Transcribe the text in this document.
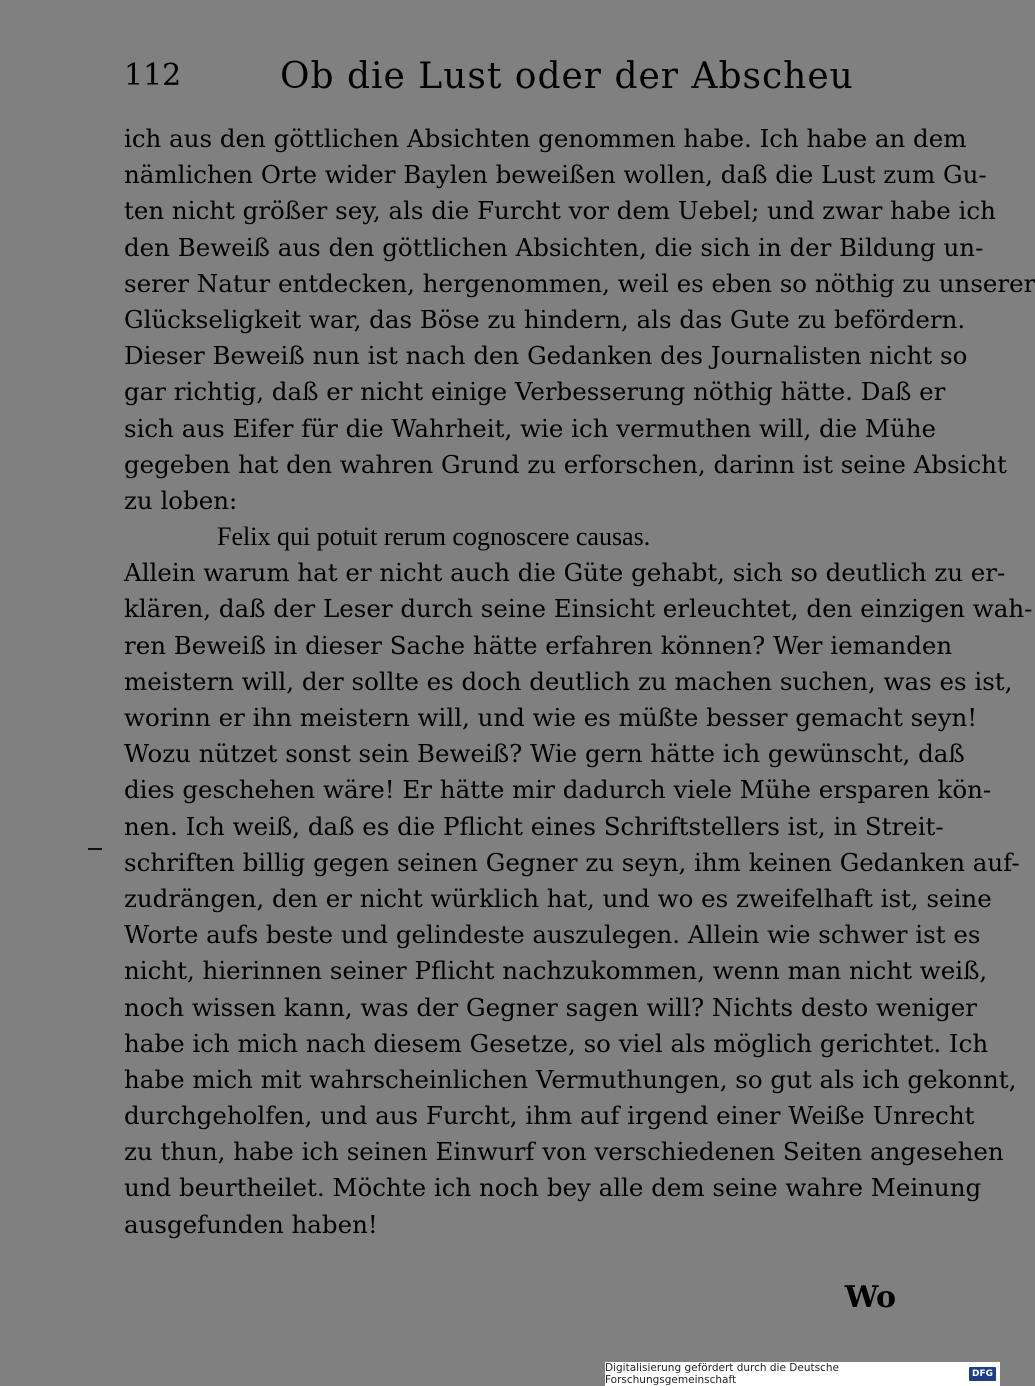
112	Ob die Lust oder der Abscheu
ich aus den göttlichen Absichten genommen habe. Ich habe an dem
nämlichen Orte wider Baylen beweißen wollen, daß die Lust zum Gu-
ten nicht größer sey, als die Furcht vor dem Uebel; und zwar habe ich
den Beweiß aus den göttlichen Absichten, die sich in der Bildung un-
serer Natur entdecken, hergenommen, weil es eben so nöthig zu unserer
Glückseligkeit war, das Böse zu hindern, als das Gute zu befördern.
Dieser Beweiß nun ist nach den Gedanken des Journalisten nicht so
gar richtig, daß er nicht einige Verbesserung nöthig hätte. Daß er
sich aus Eifer für die Wahrheit, wie ich vermuthen will, die Mühe
gegeben hat den wahren Grund zu erforschen, darinn ist seine Absicht
zu loben:
Felix qui potuit rerum cognoscere causas.
Allein warum hat er nicht auch die Güte gehabt, sich so deutlich zu er-
klären, daß der Leser durch seine Einsicht erleuchtet, den einzigen wah-
ren Beweiß in dieser Sache hätte erfahren können? Wer iemanden
meistern will, der sollte es doch deutlich zu machen suchen, was es ist,
worinn er ihn meistern will, und wie es müßte besser gemacht seyn!
Wozu nützet sonst sein Beweiß? Wie gern hätte ich gewünscht, daß
dies geschehen wäre! Er hätte mir dadurch viele Mühe ersparen kön-
nen. Ich weiß, daß es die Pflicht eines Schriftstellers ist, in Streit-
schriften billig gegen seinen Gegner zu seyn, ihm keinen Gedanken auf-
zudrängen, den er nicht würklich hat, und wo es zweifelhaft ist, seine
Worte aufs beste und gelindeste auszulegen. Allein wie schwer ist es
nicht, hierinnen seiner Pflicht nachzukommen, wenn man nicht weiß,
noch wissen kann, was der Gegner sagen will? Nichts desto weniger
habe ich mich nach diesem Gesetze, so viel als möglich gerichtet. Ich
habe mich mit wahrscheinlichen Vermuthungen, so gut als ich gekonnt,
durchgeholfen, und aus Furcht, ihm auf irgend einer Weiße Unrecht
zu thun, habe ich seinen Einwurf von verschiedenen Seiten angesehen
und beurtheilet. Möchte ich noch bey alle dem seine wahre Meinung
ausgefunden haben!
Wo
Digitalisierung gefördert durch die Deutsche Forschungsgemeinschaft	DFG
